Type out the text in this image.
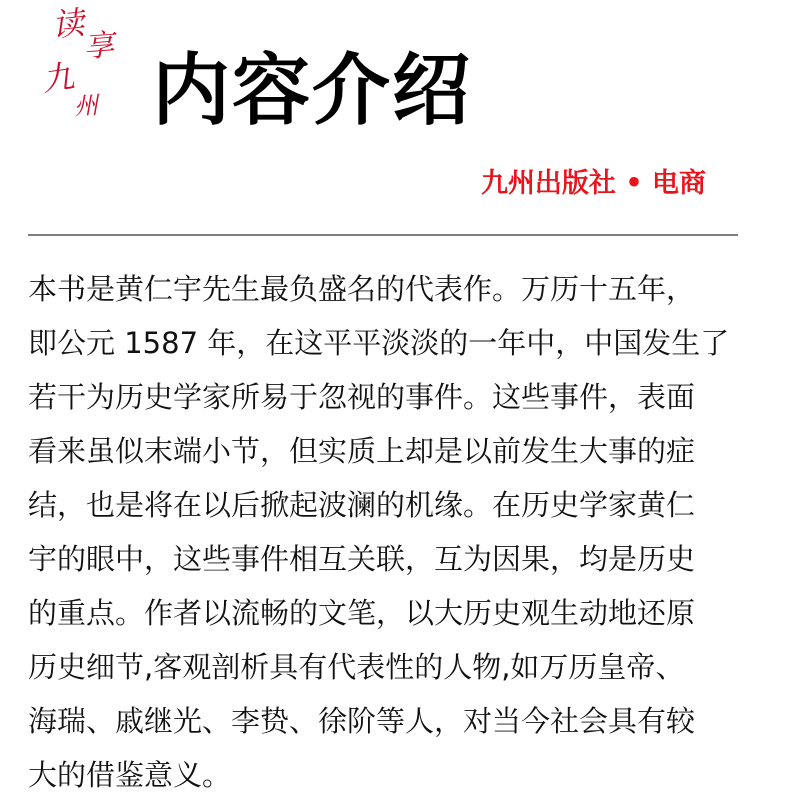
读
享
九
州 内容介绍
九州出版社 • 电商
本书是黄仁宇先生最负盛名的代表作。万历十五年，
即公元 1587 年，在这平平淡淡的一年中，中国发生了
若干为历史学家所易于忽视的事件。这些事件，表面
看来虽似末端小节，但实质上却是以前发生大事的症
结，也是将在以后掀起波澜的机缘。在历史学家黄仁
宇的眼中，这些事件相互关联，互为因果，均是历史
的重点。作者以流畅的文笔，以大历史观生动地还原
历史细节,客观剖析具有代表性的人物,如万历皇帝、
海瑞、戚继光、李贽、徐阶等人，对当今社会具有较
大的借鉴意义。
